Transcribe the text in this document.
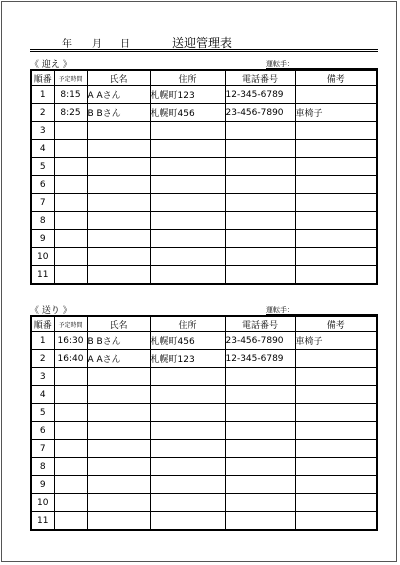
年 月 日	送迎管理表
《 迎え 》	運転手：
順番	予定時間	氏名	住所	電話番号	備考
1	8:15	A Aさん	札幌町123	12-345-6789	
2	8:25	B Bさん	札幌町456	23-456-7890	車椅子
3					
4					
5					
6					
7					
8					
9					
10					
11					
《 送り 》	運転手：
順番	予定時間	氏名	住所	電話番号	備考
1	16:30	B Bさん	札幌町456	23-456-7890	車椅子
2	16:40	A Aさん	札幌町123	12-345-6789	
3					
4					
5					
6					
7					
8					
9					
10					
11					
